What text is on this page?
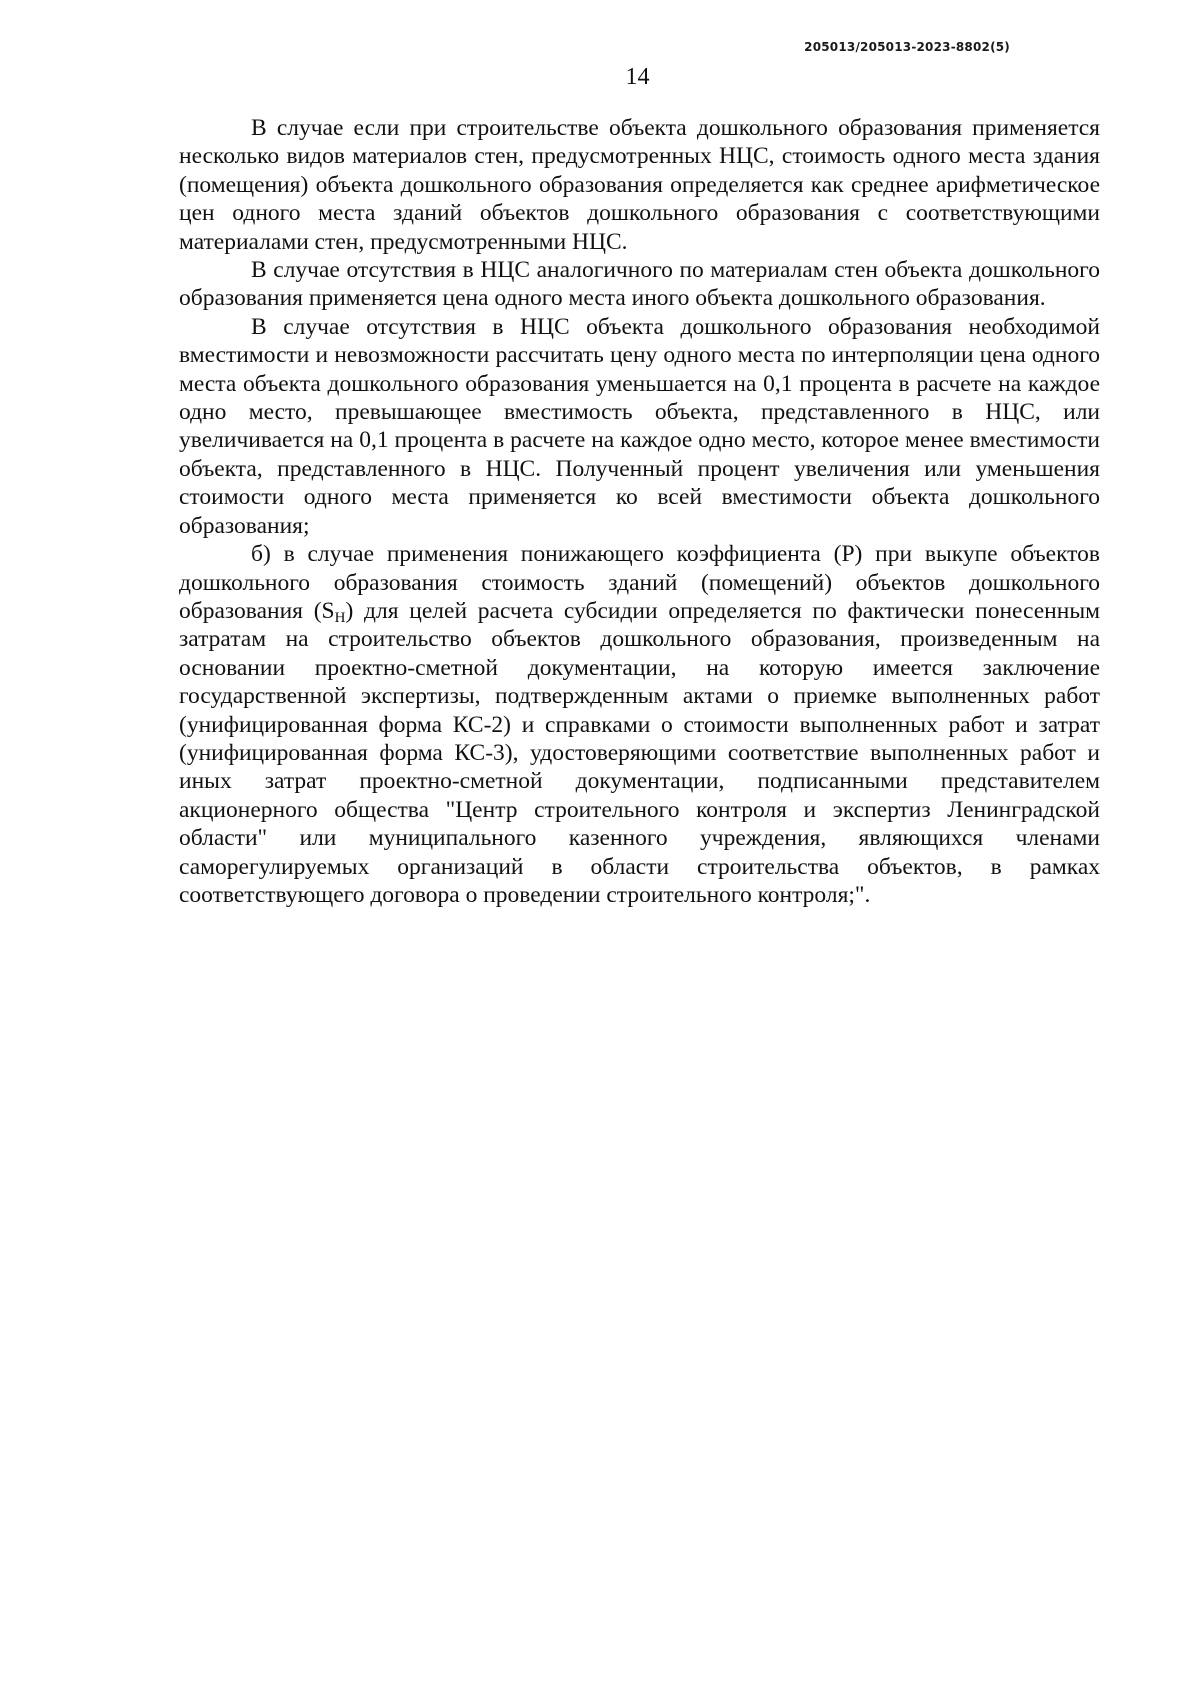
205013/205013-2023-8802(5)
14

В случае если при строительстве объекта дошкольного образования применяется несколько видов материалов стен, предусмотренных НЦС, стоимость одного места здания (помещения) объекта дошкольного образования определяется как среднее арифметическое цен одного места зданий объектов дошкольного образования с соответствующими материалами стен, предусмотренными НЦС.

В случае отсутствия в НЦС аналогичного по материалам стен объекта дошкольного образования применяется цена одного места иного объекта дошкольного образования.

В случае отсутствия в НЦС объекта дошкольного образования необходимой вместимости и невозможности рассчитать цену одного места по интерполяции цена одного места объекта дошкольного образования уменьшается на 0,1 процента в расчете на каждое одно место, превышающее вместимость объекта, представленного в НЦС, или увеличивается на 0,1 процента в расчете на каждое одно место, которое менее вместимости объекта, представленного в НЦС. Полученный процент увеличения или уменьшения стоимости одного места применяется ко всей вместимости объекта дошкольного образования;

б) в случае применения понижающего коэффициента (Р) при выкупе объектов дошкольного образования стоимость зданий (помещений) объектов дошкольного образования $(S_Н)$ для целей расчета субсидии определяется по фактически понесенным затратам на строительство объектов дошкольного образования, произведенным на основании проектно-сметной документации, на которую имеется заключение государственной экспертизы, подтвержденным актами о приемке выполненных работ (унифицированная форма КС-2) и справками о стоимости выполненных работ и затрат (унифицированная форма КС-3), удостоверяющими соответствие выполненных работ и иных затрат проектно-сметной документации, подписанными представителем акционерного общества "Центр строительного контроля и экспертиз Ленинградской области" или муниципального казенного учреждения, являющихся членами саморегулируемых организаций в области строительства объектов, в рамках соответствующего договора о проведении строительного контроля;".
